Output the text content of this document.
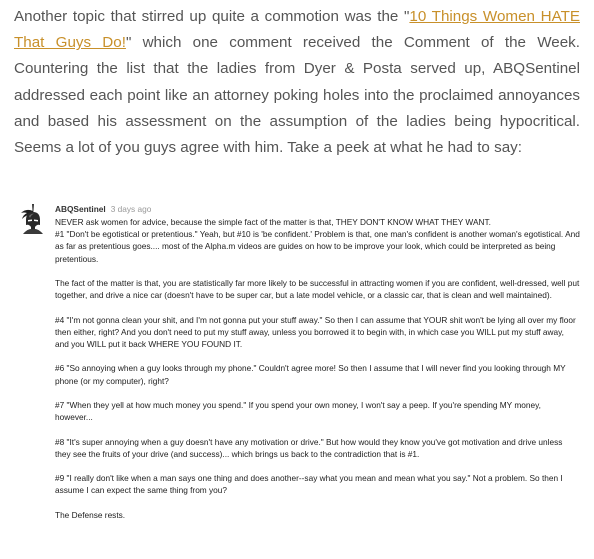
Another topic that stirred up quite a commotion was the "10 Things Women HATE That Guys Do!" which one comment received the Comment of the Week. Countering the list that the ladies from Dyer & Posta served up, ABQSentinel addressed each point like an attorney poking holes into the proclaimed annoyances and based his assessment on the assumption of the ladies being hypocritical. Seems a lot of you guys agree with him. Take a peek at what he had to say:

ABQSentinel 3 days ago

NEVER ask women for advice, because the simple fact of the matter is that, THEY DON'T KNOW WHAT THEY WANT.

#1 "Don't be egotistical or pretentious." Yeah, but #10 is 'be confident.' Problem is that, one man's confident is another woman's egotistical. And as far as pretentious goes.... most of the Alpha.m videos are guides on how to be improve your look, which could be interpreted as being pretentious.

The fact of the matter is that, you are statistically far more likely to be successful in attracting women if you are confident, well-dressed, well put together, and drive a nice car (doesn't have to be super car, but a late model vehicle, or a classic car, that is clean and well maintained).

#4 "I'm not gonna clean your shit, and I'm not gonna put your stuff away." So then I can assume that YOUR shit won't be lying all over my floor then either, right? And you don't need to put my stuff away, unless you borrowed it to begin with, in which case you WILL put my stuff away, and you WILL put it back WHERE YOU FOUND IT.

#6 "So annoying when a guy looks through my phone." Couldn't agree more! So then I assume that I will never find you looking through MY phone (or my computer), right?

#7 "When they yell at how much money you spend." If you spend your own money, I won't say a peep. If you're spending MY money, however...

#8 "It's super annoying when a guy doesn't have any motivation or drive." But how would they know you've got motivation and drive unless they see the fruits of your drive (and success)... which brings us back to the contradiction that is #1.

#9 "I really don't like when a man says one thing and does another--say what you mean and mean what you say." Not a problem. So then I assume I can expect the same thing from you?

The Defense rests.
